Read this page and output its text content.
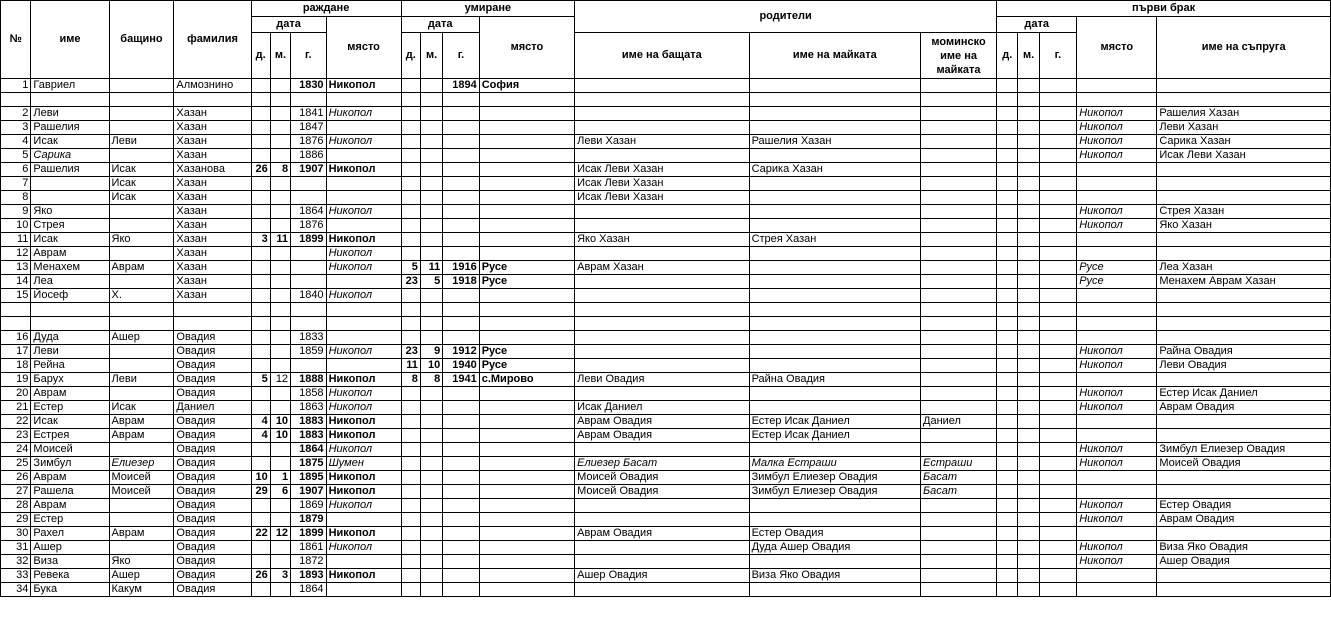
№	име	бащино	фамилия	раждане				умиране				родители			първи брак				
				дата			място	дата			място				дата			място	име на съпруга
				д.	м.	г.		д.	м.	г.		име на бащата	име на майката	моминско име на майката	д.	м.	г.		
1	Гавриел		Алмознино			1830	Никопол			1894	София								

2	Леви		Хазан			1841	Никопол											Никопол	Рашелия Хазан
3	Рашелия		Хазан			1847												Никопол	Леви Хазан
4	Исак	Леви	Хазан			1876	Никопол					Леви Хазан	Рашелия Хазан					Никопол	Сарика Хазан
5	Сарика		Хазан			1886												Никопол	Исак Леви Хазан
6	Рашелия	Исак	Хазанова	26	8	1907	Никопол					Исак Леви Хазан	Сарика Хазан						
7		Исак	Хазан									Исак Леви Хазан							
8		Исак	Хазан									Исак Леви Хазан							
9	Яко		Хазан			1864	Никопол											Никопол	Стрея Хазан
10	Стрея		Хазан			1876												Никопол	Яко Хазан
11	Исак	Яко	Хазан	3	11	1899	Никопол					Яко Хазан	Стрея Хазан						
12	Аврам		Хазан				Никопол												
13	Менахем	Аврам	Хазан				Никопол	5	11	1916	Русе	Аврам Хазан						Русе	Леа Хазан
14	Леа		Хазан					23	5	1918	Русе							Русе	Менахем Аврам Хазан
15	Йосеф	Х.	Хазан			1840	Никопол												

16	Дуда	Ашер	Овадия			1833													
17	Леви		Овадия			1859	Никопол	23	9	1912	Русе							Никопол	Райна Овадия
18	Рейна		Овадия					11	10	1940	Русе							Никопол	Леви Овадия
19	Барух	Леви	Овадия	5	12	1888	Никопол	8	8	1941	с.Мирово	Леви Овадия	Райна Овадия						
20	Аврам		Овадия			1858	Никопол											Никопол	Естер Исак Даниел
21	Естер	Исак	Даниел			1863	Никопол					Исак Даниел						Никопол	Аврам Овадия
22	Исак	Аврам	Овадия	4	10	1883	Никопол					Аврам Овадия	Естер Исак Даниел	Даниел					
23	Естрея	Аврам	Овадия	4	10	1883	Никопол					Аврам Овадия	Естер Исак Даниел						
24	Моисей		Овадия			1864	Никопол											Никопол	Зимбул Елиезер Овадия
25	Зимбул	Елиезер	Овадия			1875	Шумен					Елиезер Басат	Малка Естраши	Естраши				Никопол	Моисей Овадия
26	Аврам	Моисей	Овадия	10	1	1895	Никопол					Моисей Овадия	Зимбул Елиезер Овадия	Басат					
27	Рашела	Моисей	Овадия	29	6	1907	Никопол					Моисей Овадия	Зимбул Елиезер Овадия	Басат					
28	Аврам		Овадия			1869	Никопол											Никопол	Естер Овадия
29	Естер		Овадия			1879												Никопол	Аврам Овадия
30	Рахел	Аврам	Овадия	22	12	1899	Никопол					Аврам Овадия	Естер Овадия						
31	Ашер		Овадия			1861	Никопол						Дуда Ашер Овадия					Никопол	Виза Яко Овадия
32	Виза	Яко	Овадия			1872												Никопол	Ашер Овадия
33	Ревека	Ашер	Овадия	26	3	1893	Никопол					Ашер Овадия	Виза Яко Овадия						
34	Бука	Какум	Овадия			1864													
